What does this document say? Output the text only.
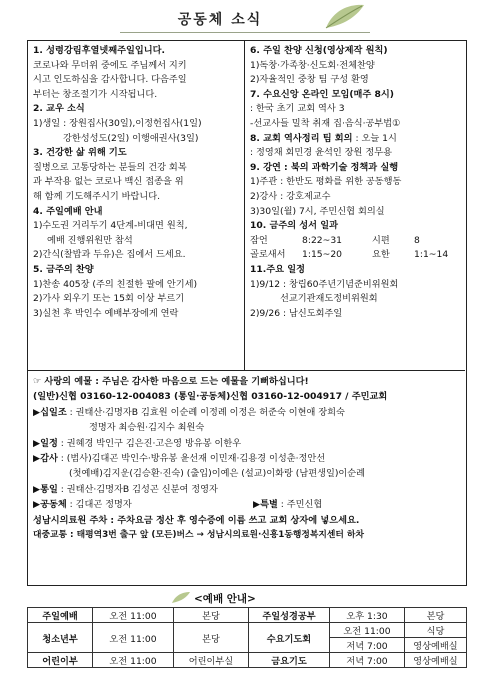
공동체 소식
1. 성령강림후열넷째주일입니다.
코로나와 무더위 중에도 주님께서 지키
시고 인도하심을 감사합니다. 다음주일
부터는 창조절기가 시작됩니다.
2. 교우 소식
1)생일 : 장원집사(30일),이정헌집사(1일)
강한성성도(2일) 이행애권사(3일)
3. 건강한 삶 위해 기도
질병으로 고통당하는 분들의 건강 회복
과 부작용 없는 코로나 백신 접종을 위
해 함께 기도해주시기 바랍니다.
4. 주일예배 안내
1)수도권 거리두기 4단계-비대면 원칙,
예배 진행위원만 참석
2)간식(찰밥과 두유)은 집에서 드세요.
5. 금주의 찬양
1)찬송 405장 (주의 친절한 팔에 안기세)
2)가사 외우기 또는 15회 이상 부르기
3)실천 후 박인수 예배부장에게 연락
6. 주일 찬양 신청(영상제작 원칙)
1)독창·가족창·신도회·전체찬양
2)자율적인 중창 팀 구성 환영
7. 수요신앙 온라인 모임(매주 8시)
: 한국 초기 교회 역사 3
-선교사들 밀착 취재 집·음식·공부법①
8. 교회 역사정리 팀 회의 : 오늘 1시
: 정영채 회민경 윤석인 장원 정무용
9. 강연 : 북의 과학기술 정책과 실행
1)주관 : 한반도 평화를 위한 공동행동
2)강사 : 강호제교수
3)30일(월) 7시, 주민신협 회의실
10. 금주의 성서 일과
잠언	8:22~31	시편	8
골로새서 1:15~20	요한	1:1~14
11.주요 일정
1)9/12 : 창립60주년기념준비위원회
선교기관재도정비위원회
2)9/26 : 남신도회주일
☞ 사랑의 예물 : 주님은 감사한 마음으로 드는 예물을 기뻐하십니다!
(일반)신협 03160-12-004083 (통일·공동체)신협 03160-12-004917 / 주민교회
▶십일조 : 권태산·김명자B 김효원 이순례 이정례 이정은 허준숙 이현애 장희숙
정명자 최승원·김지수 최원숙
▶일정 : 권혜경 박인구 김은진·고은영 방유봉 이한우
▶감사 : (범사)김대곤 박인수·방유봉 윤선재 이민재·김용경 이성춘·정안선
(첫예배)김지운(김승환·진숙) (출입)이예은 (설교)이화랑 (남편생일)이순례
▶통일 : 권태산·김명자B 김성곤 신분여 정영자
▶공동체 : 김대곤 정명자	▶특별 : 주민신협
성남시의료원 주차 : 주차요금 정산 후 영수증에 이름 쓰고 교회 상자에 넣으세요.
대중교통 : 태평역3번 출구 앞 (모든)버스 → 성남시의료원·신흥1동행정복지센터 하차
<예배 안내>
주일예배	오전 11:00	본당	주일성경공부	오후 1:30	본당
청소년부	오전 11:00	본당	수요기도회	오전 11:00	식당
				저녁 7:00	영상예배실
어린이부	오전 11:00	어린이부실	금요기도	저녁 7:00	영상예배실
